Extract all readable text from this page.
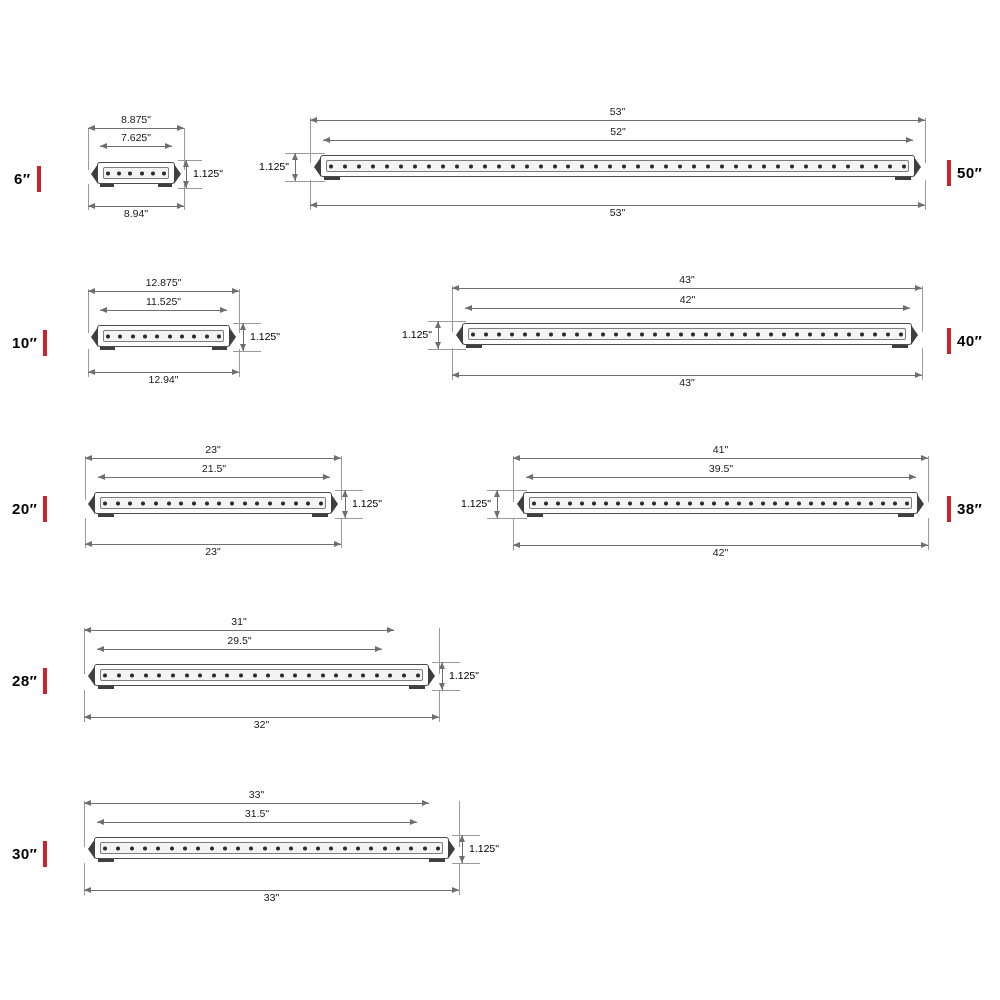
6″
8.875"
7.625"
8.94"
1.125"	50″
53"
52"
53"
1.125"
10″
12.875"
11.525"
12.94"
1.125"	40″
43"
42"
43"
1.125"
20″
23"
21.5"
23"
1.125"	38″
41"
39.5"
42"
1.125"
28″
31"
29.5"
32"
1.125"
30″
33"
31.5"
33"
1.125"
